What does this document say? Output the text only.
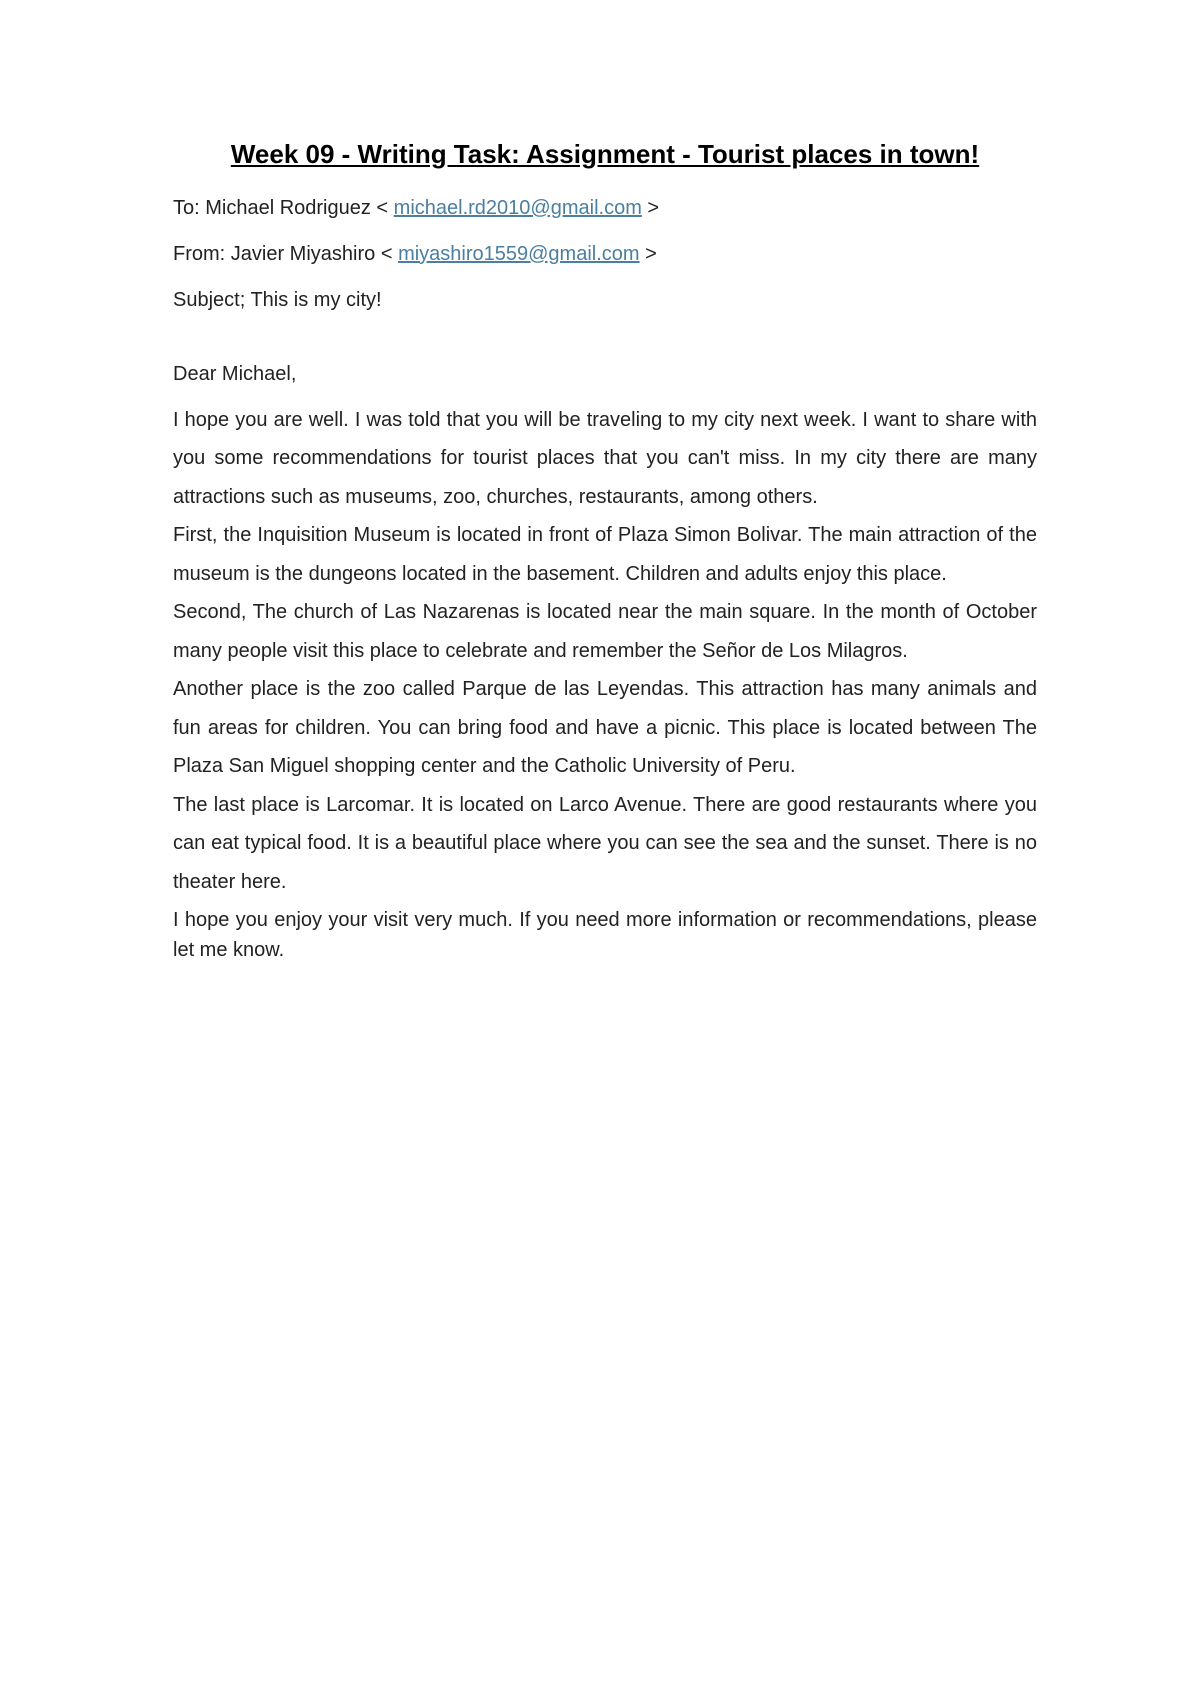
Week 09 - Writing Task: Assignment - Tourist places in town!
To: Michael Rodriguez < michael.rd2010@gmail.com >
From: Javier Miyashiro < miyashiro1559@gmail.com >
Subject; This is my city!
Dear Michael,

I hope you are well. I was told that you will be traveling to my city next week. I want to share with you some recommendations for tourist places that you can't miss. In my city there are many attractions such as museums, zoo, churches, restaurants, among others.

First, the Inquisition Museum is located in front of Plaza Simon Bolivar. The main attraction of the museum is the dungeons located in the basement. Children and adults enjoy this place.

Second, The church of Las Nazarenas is located near the main square. In the month of October many people visit this place to celebrate and remember the Señor de Los Milagros.

Another place is the zoo called Parque de las Leyendas. This attraction has many animals and fun areas for children. You can bring food and have a picnic. This place is located between The Plaza San Miguel shopping center and the Catholic University of Peru.

The last place is Larcomar. It is located on Larco Avenue. There are good restaurants where you can eat typical food. It is a beautiful place where you can see the sea and the sunset. There is no theater here.

I hope you enjoy your visit very much. If you need more information or recommendations, please let me know.
